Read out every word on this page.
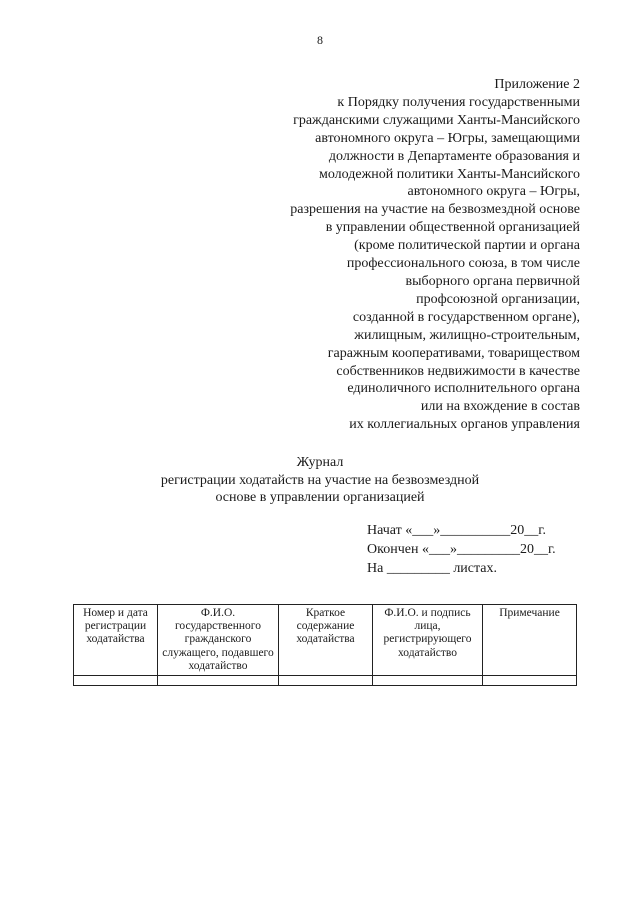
8
Приложение 2
к Порядку получения государственными
гражданскими служащими Ханты-Мансийского
автономного округа – Югры, замещающими
должности в Департаменте образования и
молодежной политики Ханты-Мансийского
автономного округа – Югры,
разрешения на участие на безвозмездной основе
в управлении общественной организацией
(кроме политической партии и органа
профессионального союза, в том числе
выборного органа первичной
профсоюзной организации,
созданной в государственном органе),
жилищным, жилищно-строительным,
гаражным кооперативами, товариществом
собственников недвижимости в качестве
единоличного исполнительного органа
или на вхождение в состав
их коллегиальных органов управления
Журнал
регистрации ходатайств на участие на безвозмездной
основе в управлении организацией
Начат «___»__________20__г.
Окончен «___»_________20__г.
На _________ листах.
Номер и дата регистрации ходатайства	Ф.И.О. государственного гражданского служащего, подавшего ходатайство	Краткое содержание ходатайства	Ф.И.О. и подпись лица, регистрирующего ходатайство	Примечание
